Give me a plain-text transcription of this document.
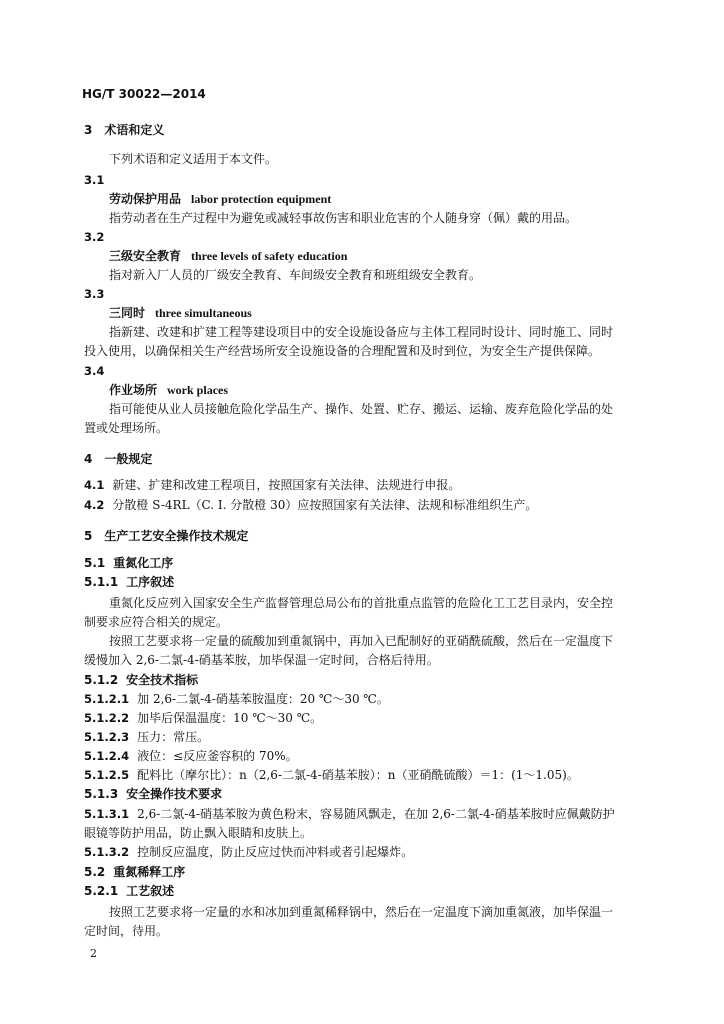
HG/T 30022—2014
3　术语和定义
下列术语和定义适用于本文件。
3.1
劳动保护用品 labor protection equipment
指劳动者在生产过程中为避免或减轻事故伤害和职业危害的个人随身穿（佩）戴的用品。
3.2
三级安全教育 three levels of safety education
指对新入厂人员的厂级安全教育、车间级安全教育和班组级安全教育。
3.3
三同时 three simultaneous
指新建、改建和扩建工程等建设项目中的安全设施设备应与主体工程同时设计、同时施工、同时
投入使用，以确保相关生产经营场所安全设施设备的合理配置和及时到位，为安全生产提供保障。
3.4
作业场所 work places
指可能使从业人员接触危险化学品生产、操作、处置、贮存、搬运、运输、废弃危险化学品的处
置或处理场所。
4　一般规定
4.1 新建、扩建和改建工程项目，按照国家有关法律、法规进行申报。
4.2 分散橙 S-4RL（C. I. 分散橙 30）应按照国家有关法律、法规和标准组织生产。
5　生产工艺安全操作技术规定
5.1 重氮化工序
5.1.1 工序叙述
重氮化反应列入国家安全生产监督管理总局公布的首批重点监管的危险化工工艺目录内，安全控
制要求应符合相关的规定。
按照工艺要求将一定量的硫酸加到重氮锅中，再加入已配制好的亚硝酰硫酸，然后在一定温度下
缓慢加入 2,6-二氯-4-硝基苯胺，加毕保温一定时间，合格后待用。
5.1.2 安全技术指标
5.1.2.1 加 2,6-二氯-4-硝基苯胺温度：20 ℃～30 ℃。
5.1.2.2 加毕后保温温度：10 ℃～30 ℃。
5.1.2.3 压力：常压。
5.1.2.4 液位：≤反应釜容积的 70%。
5.1.2.5 配料比（摩尔比）：n（2,6-二氯-4-硝基苯胺）：n（亚硝酰硫酸）＝1：(1～1.05)。
5.1.3 安全操作技术要求
5.1.3.1 2,6-二氯-4-硝基苯胺为黄色粉末，容易随风飘走，在加 2,6-二氯-4-硝基苯胺时应佩戴防护
眼镜等防护用品，防止飘入眼睛和皮肤上。
5.1.3.2 控制反应温度，防止反应过快而冲料或者引起爆炸。
5.2 重氮稀释工序
5.2.1 工艺叙述
按照工艺要求将一定量的水和冰加到重氮稀释锅中，然后在一定温度下滴加重氮液，加毕保温一
定时间，待用。
2
